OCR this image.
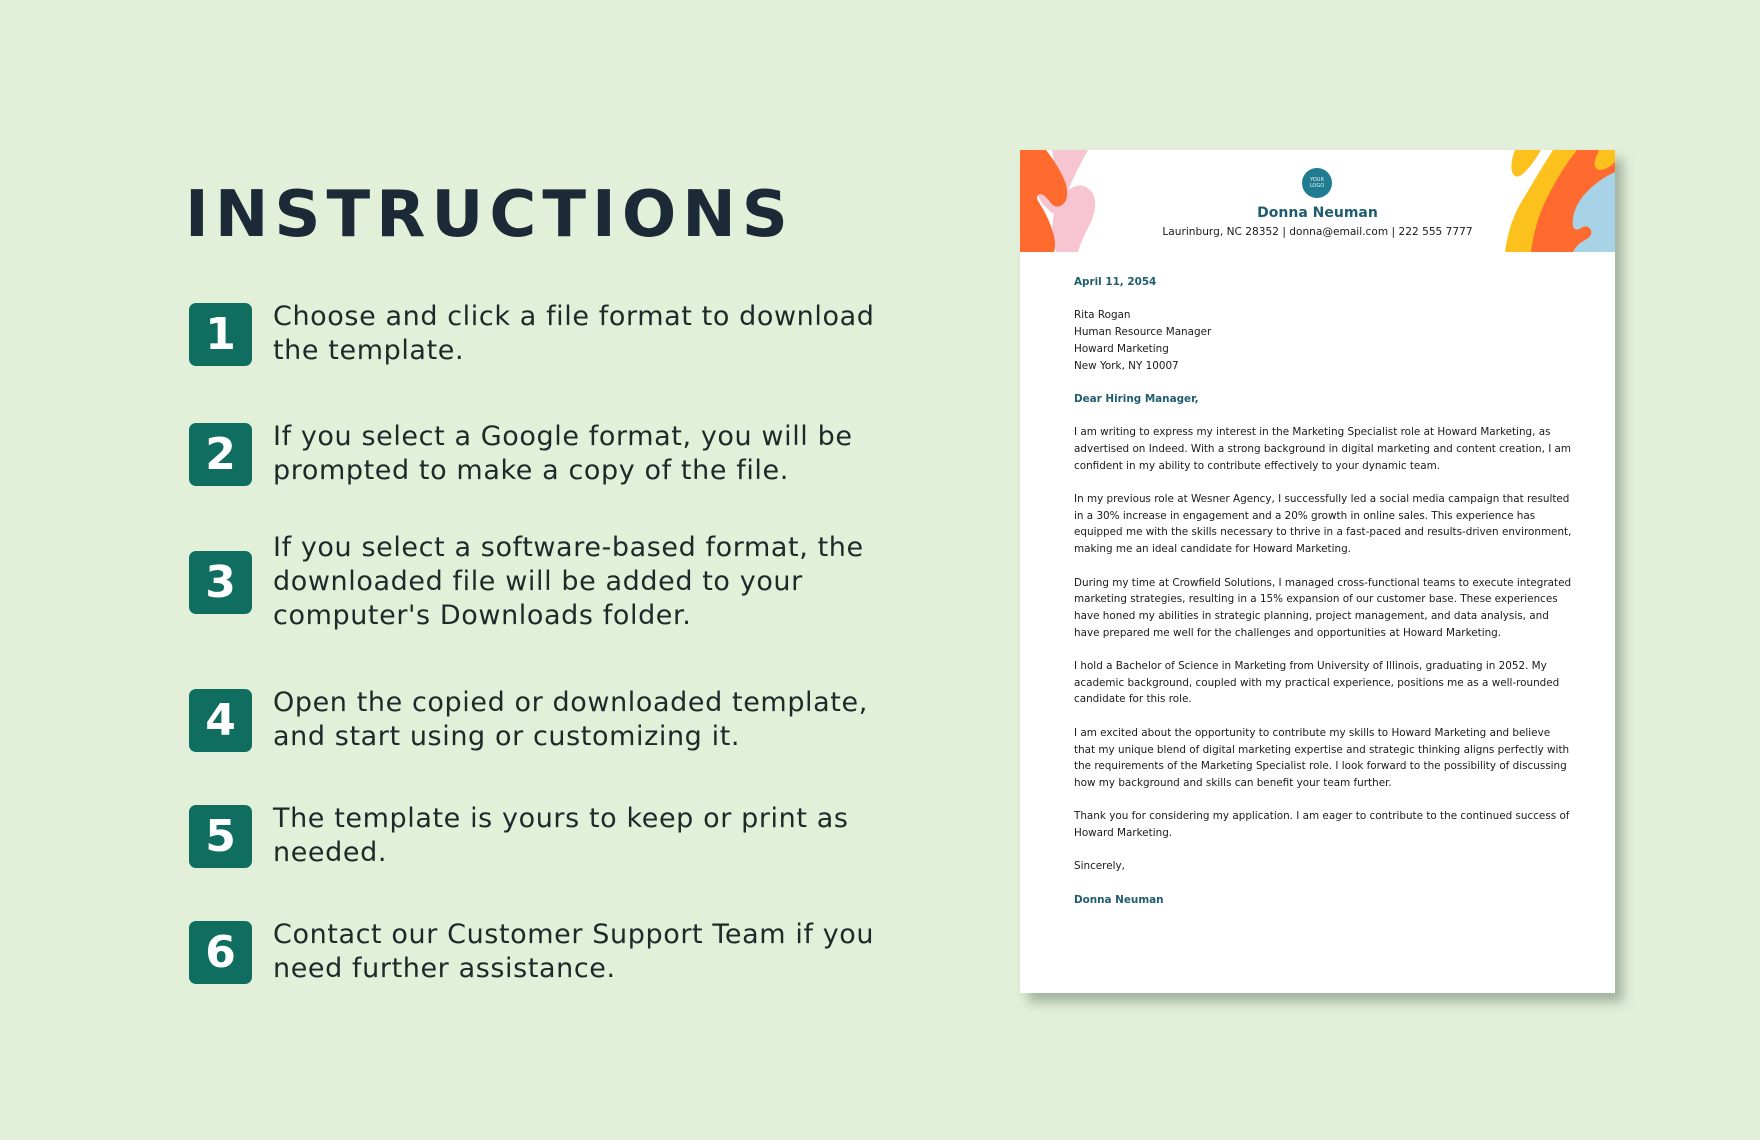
INSTRUCTIONS
1	Choose and click a file format to download the template.
2	If you select a Google format, you will be prompted to make a copy of the file.
3
If you select a software-based format, the downloaded file will be added to your computer's Downloads folder.
4	Open the copied or downloaded template, and start using or customizing it.
5	The template is yours to keep or print as needed.
6	Contact our Customer Support Team if you need further assistance.
YOUR
LOGO
Donna Neuman
Laurinburg, NC 28352 | donna@email.com | 222 555 7777

April 11, 2054

Rita Rogan
Human Resource Manager
Howard Marketing
New York, NY 10007

Dear Hiring Manager,

I am writing to express my interest in the Marketing Specialist role at Howard Marketing, as advertised on Indeed. With a strong background in digital marketing and content creation, I am confident in my ability to contribute effectively to your dynamic team.

In my previous role at Wesner Agency, I successfully led a social media campaign that resulted in a 30% increase in engagement and a 20% growth in online sales. This experience has equipped me with the skills necessary to thrive in a fast-paced and results-driven environment, making me an ideal candidate for Howard Marketing.

During my time at Crowfield Solutions, I managed cross-functional teams to execute integrated marketing strategies, resulting in a 15% expansion of our customer base. These experiences have honed my abilities in strategic planning, project management, and data analysis, and have prepared me well for the challenges and opportunities at Howard Marketing.

I hold a Bachelor of Science in Marketing from University of Illinois, graduating in 2052. My academic background, coupled with my practical experience, positions me as a well-rounded candidate for this role.

I am excited about the opportunity to contribute my skills to Howard Marketing and believe that my unique blend of digital marketing expertise and strategic thinking aligns perfectly with the requirements of the Marketing Specialist role. I look forward to the possibility of discussing how my background and skills can benefit your team further.

Thank you for considering my application. I am eager to contribute to the continued success of Howard Marketing.

Sincerely,

Donna Neuman
